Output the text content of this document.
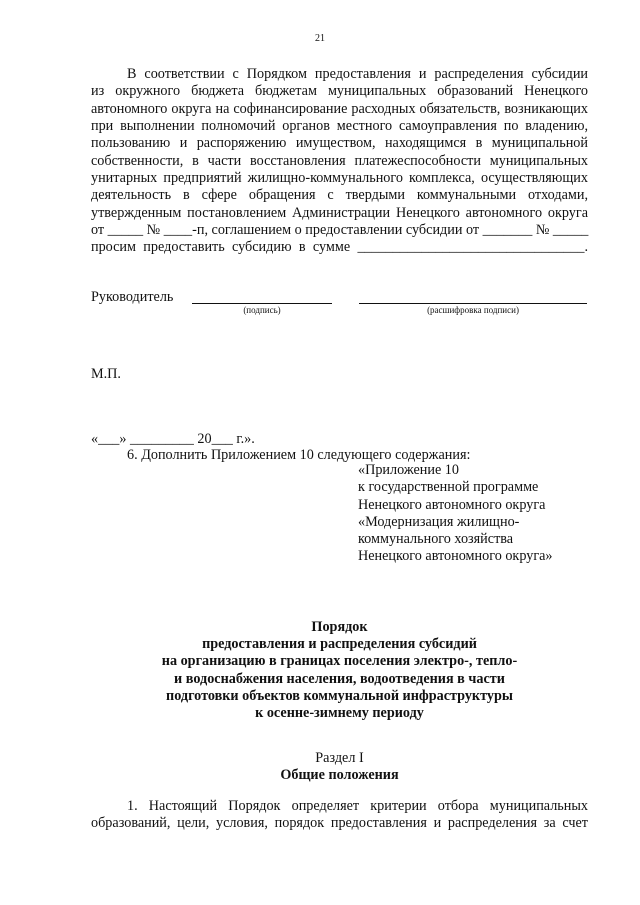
21
В соответствии с Порядком предоставления и распределения субсидии
из окружного бюджета бюджетам муниципальных образований Ненецкого
автономного округа на софинансирование расходных обязательств, возникающих
при выполнении полномочий органов местного самоуправления по владению,
пользованию и распоряжению имуществом, находящимся в муниципальной
собственности, в части восстановления платежеспособности муниципальных
унитарных предприятий жилищно-коммунального комплекса, осуществляющих
деятельность в сфере обращения с твердыми коммунальными отходами,
утвержденным постановлением Администрации Ненецкого автономного округа
от _____ № ____-п, соглашением о предоставлении субсидии от _______ № _____
просим предоставить субсидию в сумме ________________________________.
Руководитель
(подпись)	(расшифровка подписи)
М.П.
«___» _________ 20___ г.».
6. Дополнить Приложением 10 следующего содержания:
«Приложение 10
к государственной программе
Ненецкого автономного округа
«Модернизация жилищно-
коммунального хозяйства
Ненецкого автономного округа»
Порядок
предоставления и распределения субсидий
на организацию в границах поселения электро-, тепло-
и водоснабжения населения, водоотведения в части
подготовки объектов коммунальной инфраструктуры
к осенне-зимнему периоду
Раздел I
Общие положения
1. Настоящий Порядок определяет критерии отбора муниципальных
образований, цели, условия, порядок предоставления и распределения за счет
